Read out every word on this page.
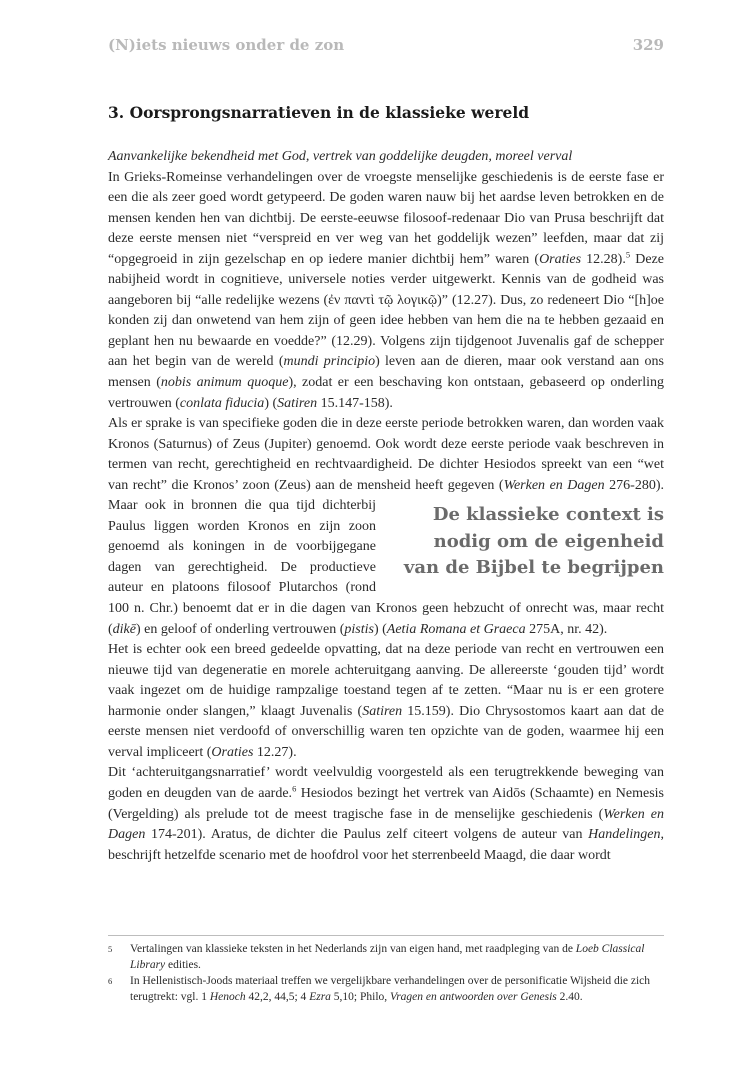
(N)iets nieuws onder de zon	329
3. Oorsprongsnarratieven in de klassieke wereld

Aanvankelijke bekendheid met God, vertrek van goddelijke deugden, moreel verval

In Grieks-Romeinse verhandelingen over de vroegste menselijke geschiedenis is de eerste fase er een die als zeer goed wordt getypeerd. De goden waren nauw bij het aardse leven betrokken en de mensen kenden hen van dichtbij. De eerste-eeuwse filosoof-redenaar Dio van Prusa beschrijft dat deze eerste mensen niet “verspreid en ver weg van het goddelijk wezen” leefden, maar dat zij “opgegroeid in zijn gezelschap en op iedere manier dichtbij hem” waren (Oraties 12.28).$^5$ Deze nabijheid wordt in cognitieve, universele noties verder uitgewerkt. Kennis van de godheid was aangeboren bij “alle redelijke wezens (ἐν παντὶ τῷ λογικῷ)” (12.27). Dus, zo redeneert Dio “[h]oe konden zij dan onwetend van hem zijn of geen idee hebben van hem die na te hebben gezaaid en geplant hen nu bewaarde en voedde?” (12.29). Volgens zijn tijdgenoot Juvenalis gaf de schepper aan het begin van de wereld (mundi principio) leven aan de dieren, maar ook verstand aan ons mensen (nobis animum quoque), zodat er een beschaving kon ontstaan, gebaseerd op onderling vertrouwen (conlata fiducia) (Satiren 15.147-158).

Als er sprake is van specifieke goden die in deze eerste periode betrokken waren, dan worden vaak Kronos (Saturnus) of Zeus (Jupiter) genoemd. Ook wordt deze eerste periode vaak beschreven in termen van recht, gerechtigheid en rechtvaardigheid. De dichter Hesiodos spreekt van een “wet van recht” die Kronos’ zoon (Zeus) aan de mensheid heeft gegeven (
De klassieke context is nodig om de eigenheid van de Bijbel te begrijpen
Werken en Dagen 276-280). Maar ook in bronnen die qua tijd dichterbij Paulus liggen worden Kronos en zijn zoon genoemd als koningen in de voorbijgegane dagen van gerechtigheid. De productieve auteur en platoons filosoof Plutarchos (rond 100 n. Chr.) benoemt dat er in die dagen van Kronos geen hebzucht of onrecht was, maar recht (dikē) en geloof of onderling vertrouwen (pistis) (Aetia Romana et Graeca 275A, nr. 42).

Het is echter ook een breed gedeelde opvatting, dat na deze periode van recht en vertrouwen een nieuwe tijd van degeneratie en morele achteruitgang aanving. De allereerste ‘gouden tijd’ wordt vaak ingezet om de huidige rampzalige toestand tegen af te zetten. “Maar nu is er een grotere harmonie onder slangen,” klaagt Juvenalis (Satiren 15.159). Dio Chrysostomos kaart aan dat de eerste mensen niet verdoofd of onverschillig waren ten opzichte van de goden, waarmee hij een verval impliceert (Oraties 12.27).

Dit ‘achteruitgangsnarratief’ wordt veelvuldig voorgesteld als een terugtrekkende beweging van goden en deugden van de aarde.$^6$ Hesiodos bezingt het vertrek van Aidōs (Schaamte) en Nemesis (Vergelding) als prelude tot de meest tragische fase in de menselijke geschiedenis (Werken en Dagen 174-201). Aratus, de dichter die Paulus zelf citeert volgens de auteur van Handelingen, beschrijft hetzelfde scenario met de hoofdrol voor het sterrenbeeld Maagd, die daar wordt

5 Vertalingen van klassieke teksten in het Nederlands zijn van eigen hand, met raadpleging van de Loeb Classical Library edities.
6 In Hellenistisch-Joods materiaal treffen we vergelijkbare verhandelingen over de personificatie Wijsheid die zich terugtrekt: vgl. 1 Henoch 42,2, 44,5; 4 Ezra 5,10; Philo, Vragen en antwoorden over Genesis 2.40.
